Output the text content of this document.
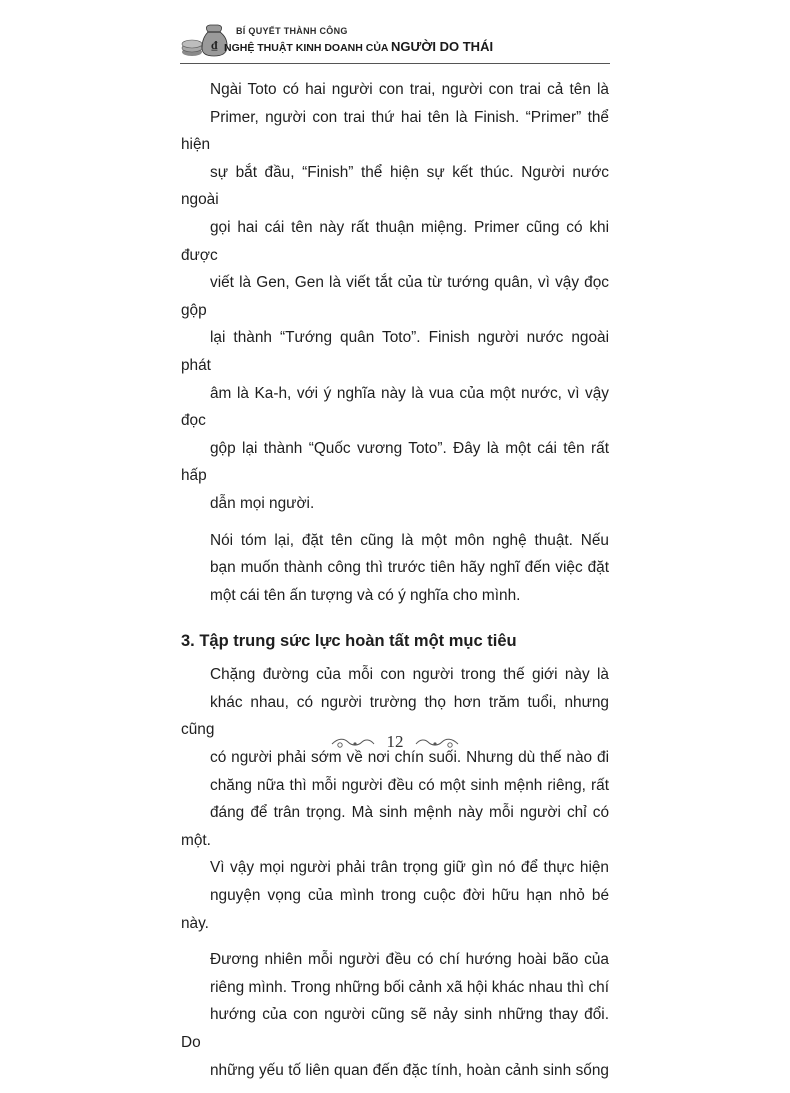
₫
BÍ QUYẾT THÀNH CÔNG
NGHỆ THUẬT KINH DOANH CỦA NGƯỜI DO THÁI

Ngài Toto có hai người con trai, người con trai cả tên là
Primer, người con trai thứ hai tên là Finish. “Primer” thể hiện
sự bắt đầu, “Finish” thể hiện sự kết thúc. Người nước ngoài
gọi hai cái tên này rất thuận miệng. Primer cũng có khi được
viết là Gen, Gen là viết tắt của từ tướng quân, vì vậy đọc gộp
lại thành “Tướng quân Toto”. Finish người nước ngoài phát
âm là Ka-h, với ý nghĩa này là vua của một nước, vì vậy đọc
gộp lại thành “Quốc vương Toto”. Đây là một cái tên rất hấp
dẫn mọi người.

Nói tóm lại, đặt tên cũng là một môn nghệ thuật. Nếu
bạn muốn thành công thì trước tiên hãy nghĩ đến việc đặt
một cái tên ấn tượng và có ý nghĩa cho mình.

3. Tập trung sức lực hoàn tất một mục tiêu

Chặng đường của mỗi con người trong thế giới này là
khác nhau, có người trường thọ hơn trăm tuổi, nhưng cũng
có người phải sớm về nơi chín suối. Nhưng dù thế nào đi
chăng nữa thì mỗi người đều có một sinh mệnh riêng, rất
đáng để trân trọng. Mà sinh mệnh này mỗi người chỉ có một.
Vì vậy mọi người phải trân trọng giữ gìn nó để thực hiện
nguyện vọng của mình trong cuộc đời hữu hạn nhỏ bé này.

Đương nhiên mỗi người đều có chí hướng hoài bão của
riêng mình. Trong những bối cảnh xã hội khác nhau thì chí
hướng của con người cũng sẽ nảy sinh những thay đổi. Do
những yếu tố liên quan đến đặc tính, hoàn cảnh sinh sống

12
